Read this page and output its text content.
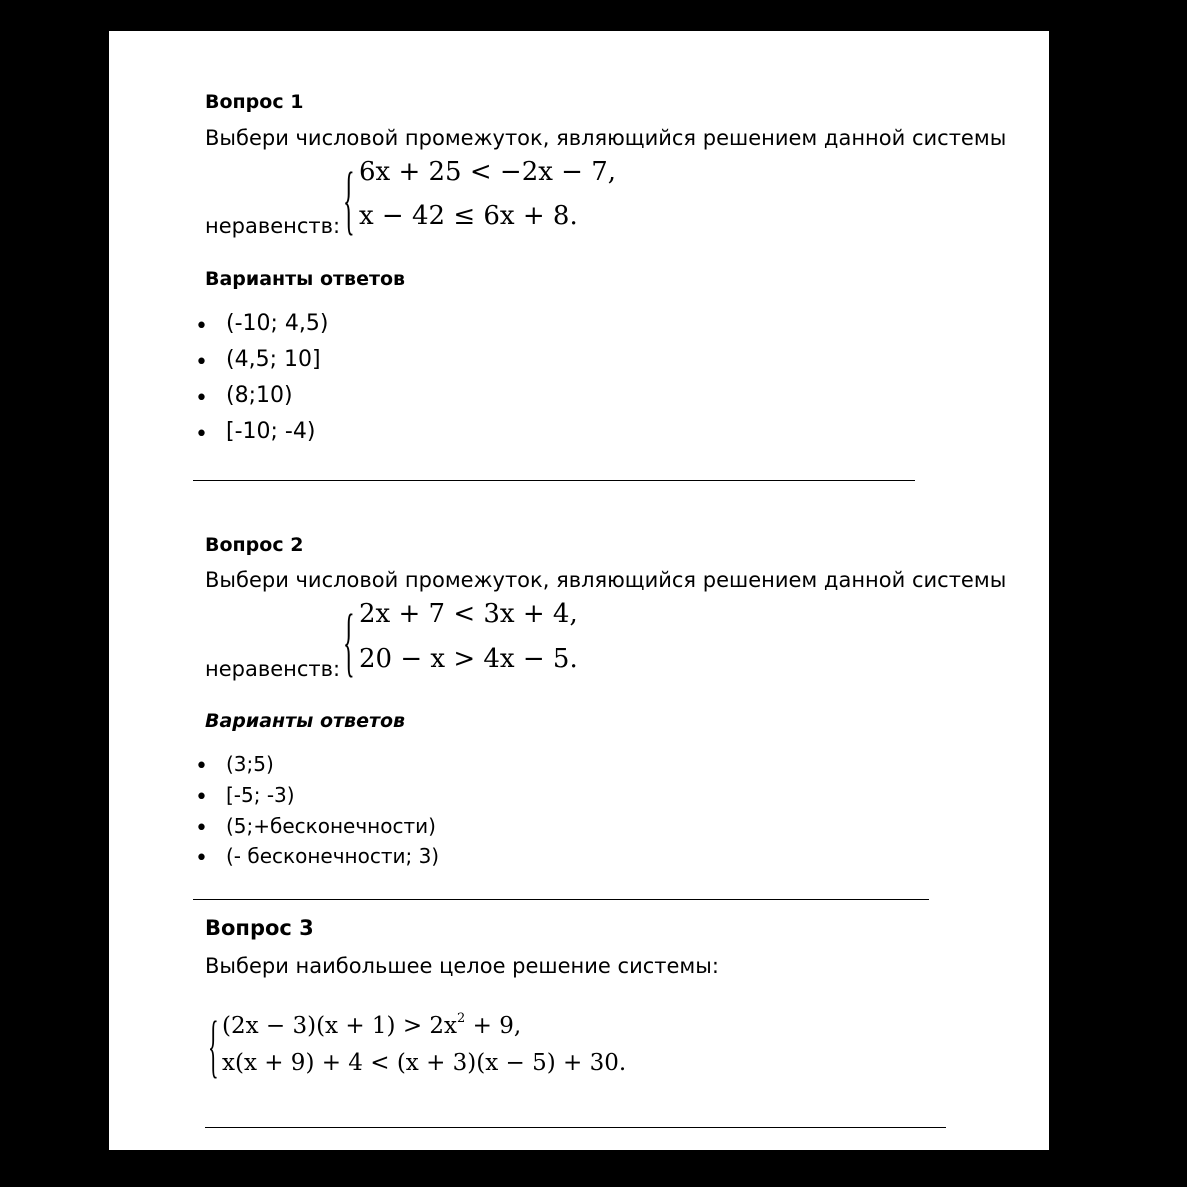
Вопрос 1
Выбери числовой промежуток, являющийся решением данной системы
неравенств: { 6x + 25 < −2x − 7,
x − 42 ≤ 6x + 8.
Варианты ответов
• (-10; 4,5)
• (4,5; 10]
• (8;10)
• [-10; -4)
Вопрос 2
Выбери числовой промежуток, являющийся решением данной системы
неравенств: { 2x + 7 < 3x + 4,
20 − x > 4x − 5.
Варианты ответов
• (3;5)
• [-5; -3)
• (5;+бесконечности)
• (- бесконечности; 3)
Вопрос 3
Выбери наибольшее целое решение системы:
{ $(2x - 3)(x + 1) > 2x^2 + 9$,
x(x + 9) + 4 < (x + 3)(x − 5) + 30.
